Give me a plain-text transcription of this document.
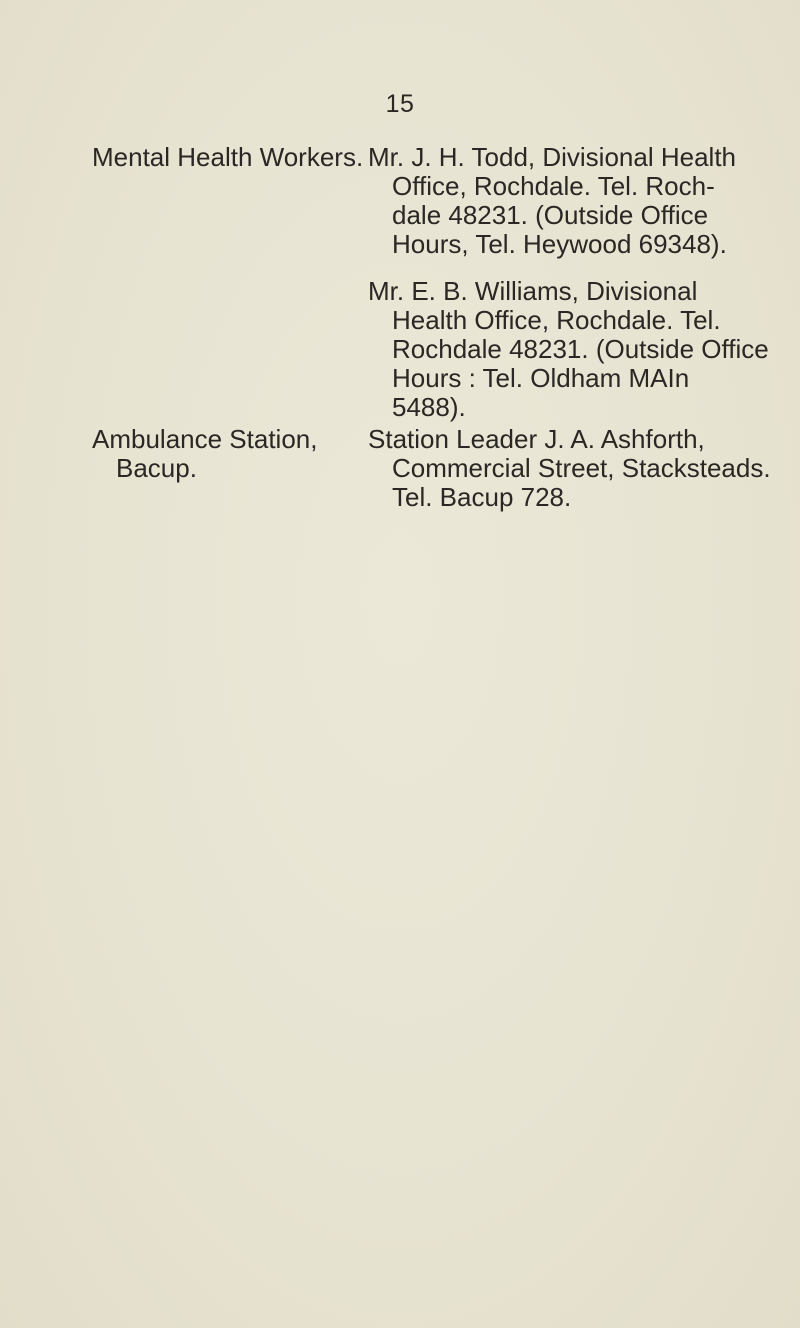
15
Mental Health Workers. Mr. J. H. Todd, Divisional Health
Office, Rochdale. Tel. Roch-
dale 48231. (Outside Office
Hours, Tel. Heywood 69348).
Mr. E. B. Williams, Divisional
Health Office, Rochdale. Tel.
Rochdale 48231. (Outside Office
Hours : Tel. Oldham MAIn
5488).
Ambulance Station,
Bacup.
Station Leader J. A. Ashforth,
Commercial Street, Stacksteads.
Tel. Bacup 728.
